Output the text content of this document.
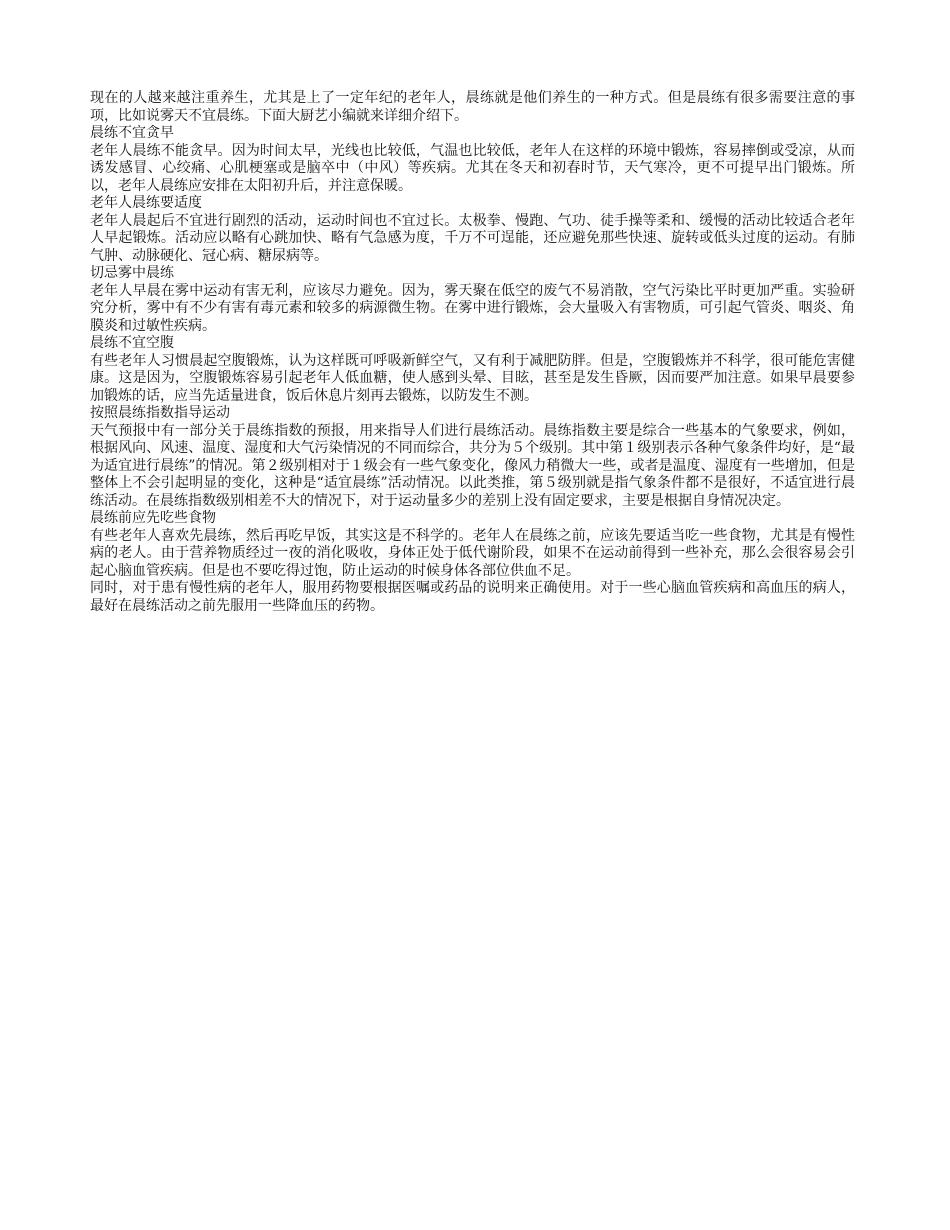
现在的人越来越注重养生，尤其是上了一定年纪的老年人，晨练就是他们养生的一种方式。但是晨练有很多需要注意的事项，比如说雾天不宜晨练。下面大厨艺小编就来详细介绍下。

晨练不宜贪早

老年人晨练不能贪早。因为时间太早，光线也比较低，气温也比较低，老年人在这样的环境中锻炼，容易摔倒或受凉，从而诱发感冒、心绞痛、心肌梗塞或是脑卒中（中风）等疾病。尤其在冬天和初春时节，天气寒冷，更不可提早出门锻炼。所以，老年人晨练应安排在太阳初升后，并注意保暖。

老年人晨练要适度

老年人晨起后不宜进行剧烈的活动，运动时间也不宜过长。太极拳、慢跑、气功、徒手操等柔和、缓慢的活动比较适合老年人早起锻炼。活动应以略有心跳加快、略有气急感为度，千万不可逞能，还应避免那些快速、旋转或低头过度的运动。有肺气肿、动脉硬化、冠心病、糖尿病等。

切忌雾中晨练

老年人早晨在雾中运动有害无利，应该尽力避免。因为，雾天聚在低空的废气不易消散，空气污染比平时更加严重。实验研究分析，雾中有不少有害有毒元素和较多的病源微生物。在雾中进行锻炼，会大量吸入有害物质，可引起气管炎、咽炎、角膜炎和过敏性疾病。

晨练不宜空腹

有些老年人习惯晨起空腹锻炼，认为这样既可呼吸新鲜空气，又有利于减肥防胖。但是，空腹锻炼并不科学，很可能危害健康。这是因为，空腹锻炼容易引起老年人低血糖，使人感到头晕、目眩，甚至是发生昏厥，因而要严加注意。如果早晨要参加锻炼的话，应当先适量进食，饭后休息片刻再去锻炼，以防发生不测。

按照晨练指数指导运动

天气预报中有一部分关于晨练指数的预报，用来指导人们进行晨练活动。晨练指数主要是综合一些基本的气象要求，例如，根据风向、风速、温度、湿度和大气污染情况的不同而综合，共分为５个级别。其中第１级别表示各种气象条件均好，是“最为适宜进行晨练”的情况。第２级别相对于１级会有一些气象变化，像风力稍微大一些，或者是温度、湿度有一些增加，但是整体上不会引起明显的变化，这种是“适宜晨练”活动情况。以此类推，第５级别就是指气象条件都不是很好，不适宜进行晨练活动。在晨练指数级别相差不大的情况下，对于运动量多少的差别上没有固定要求，主要是根据自身情况决定。

晨练前应先吃些食物

有些老年人喜欢先晨练，然后再吃早饭，其实这是不科学的。老年人在晨练之前，应该先要适当吃一些食物，尤其是有慢性病的老人。由于营养物质经过一夜的消化吸收，身体正处于低代谢阶段，如果不在运动前得到一些补充，那么会很容易会引起心脑血管疾病。但是也不要吃得过饱，防止运动的时候身体各部位供血不足。

同时，对于患有慢性病的老年人，服用药物要根据医嘱或药品的说明来正确使用。对于一些心脑血管疾病和高血压的病人，最好在晨练活动之前先服用一些降血压的药物。
